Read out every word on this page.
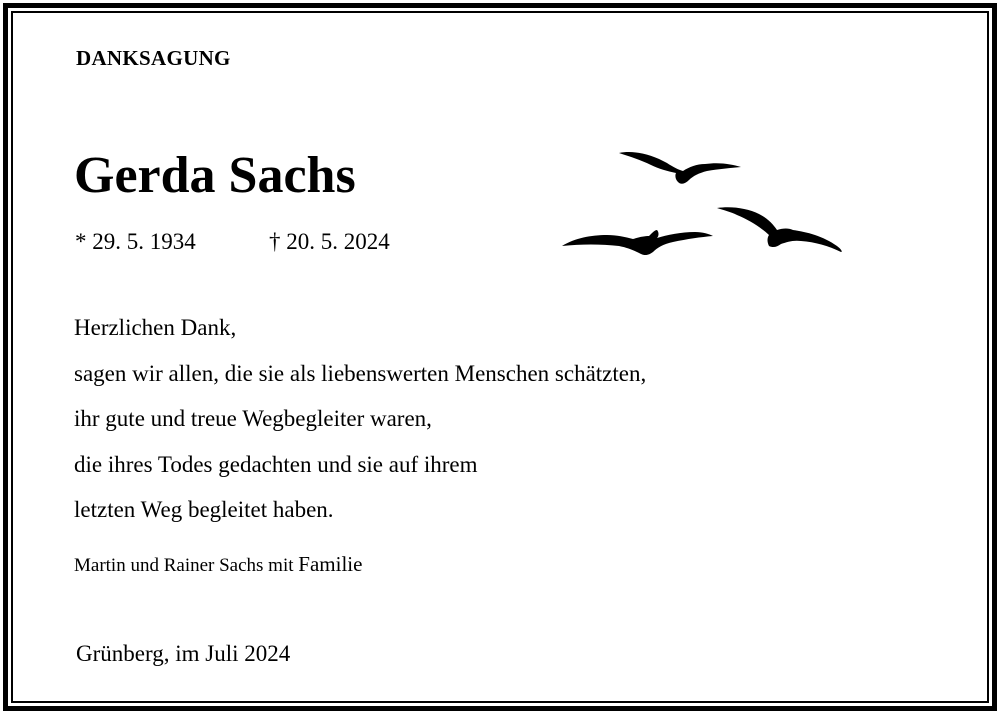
DANKSAGUNG

Gerda Sachs

* 29. 5. 1934	† 20. 5. 2024

Herzlichen Dank,
sagen wir allen, die sie als liebenswerten Menschen schätzten,
ihr gute und treue Wegbegleiter waren,
die ihres Todes gedachten und sie auf ihrem
letzten Weg begleitet haben.

Martin und Rainer Sachs mit Familie

Grünberg, im Juli 2024
